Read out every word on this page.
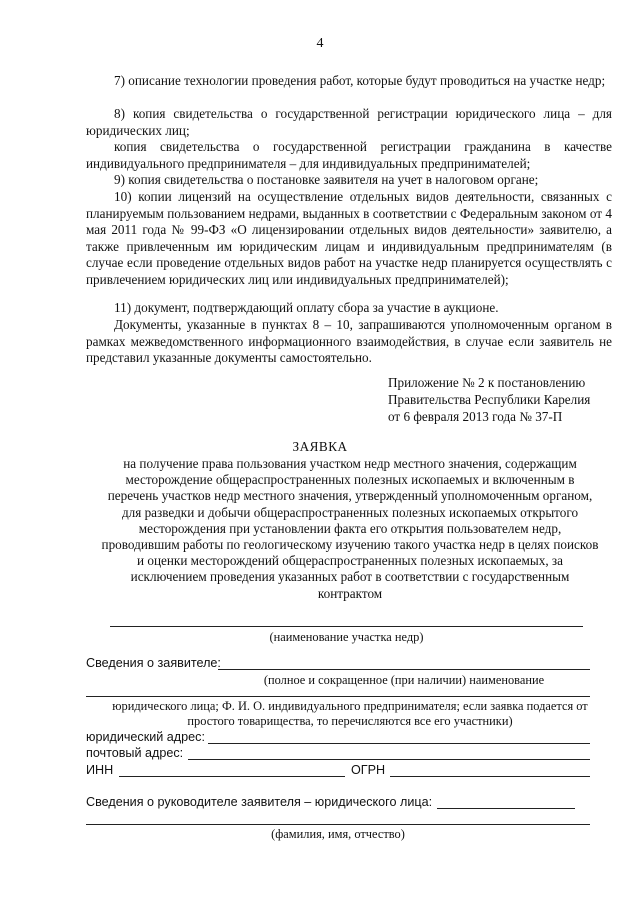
4

7) описание технологии проведения работ, которые будут проводиться на участке недр;

8) копия свидетельства о государственной регистрации юридического лица – для юридических лиц;

копия свидетельства о государственной регистрации гражданина в качестве индивидуального предпринимателя – для индивидуальных предпринимателей;

9) копия свидетельства о постановке заявителя на учет в налоговом органе;

10) копии лицензий на осуществление отдельных видов деятельности, связанных с планируемым пользованием недрами, выданных в соответствии с Федеральным законом от 4 мая 2011 года № 99-ФЗ «О лицензировании отдельных видов деятельности» заявителю, а также привлеченным им юридическим лицам и индивидуальным предпринимателям (в случае если проведение отдельных видов работ на участке недр планируется осуществлять с привлечением юридических лиц или индивидуальных предпринимателей);

11) документ, подтверждающий оплату сбора за участие в аукционе.

Документы, указанные в пунктах 8 – 10, запрашиваются уполномоченным органом в рамках межведомственного информационного взаимодействия, в случае если заявитель не представил указанные документы самостоятельно.

Приложение № 2 к постановлению
Правительства Республики Карелия
от 6 февраля 2013 года № 37-П
ЗАЯВКА
на получение права пользования участком недр местного значения, содержащим месторождение общераспространенных полезных ископаемых и включенным в перечень участков недр местного значения, утвержденный уполномоченным органом, для разведки и добычи общераспространенных полезных ископаемых открытого месторождения при установлении факта его открытия пользователем недр, проводившим работы по геологическому изучению такого участка недр в целях поисков и оценки месторождений общераспространенных полезных ископаемых, за исключением проведения указанных работ в соответствии с государственным контрактом
(наименование участка недр)
Сведения о заявителе:
(полное и сокращенное (при наличии) наименование
юридического лица; Ф. И. О. индивидуального предпринимателя; если заявка подается от простого товарищества, то перечисляются все его участники)
юридический адрес:
почтовый адрес:
ИНН	ОГРН
Сведения о руководителе заявителя – юридического лица:
(фамилия, имя, отчество)
